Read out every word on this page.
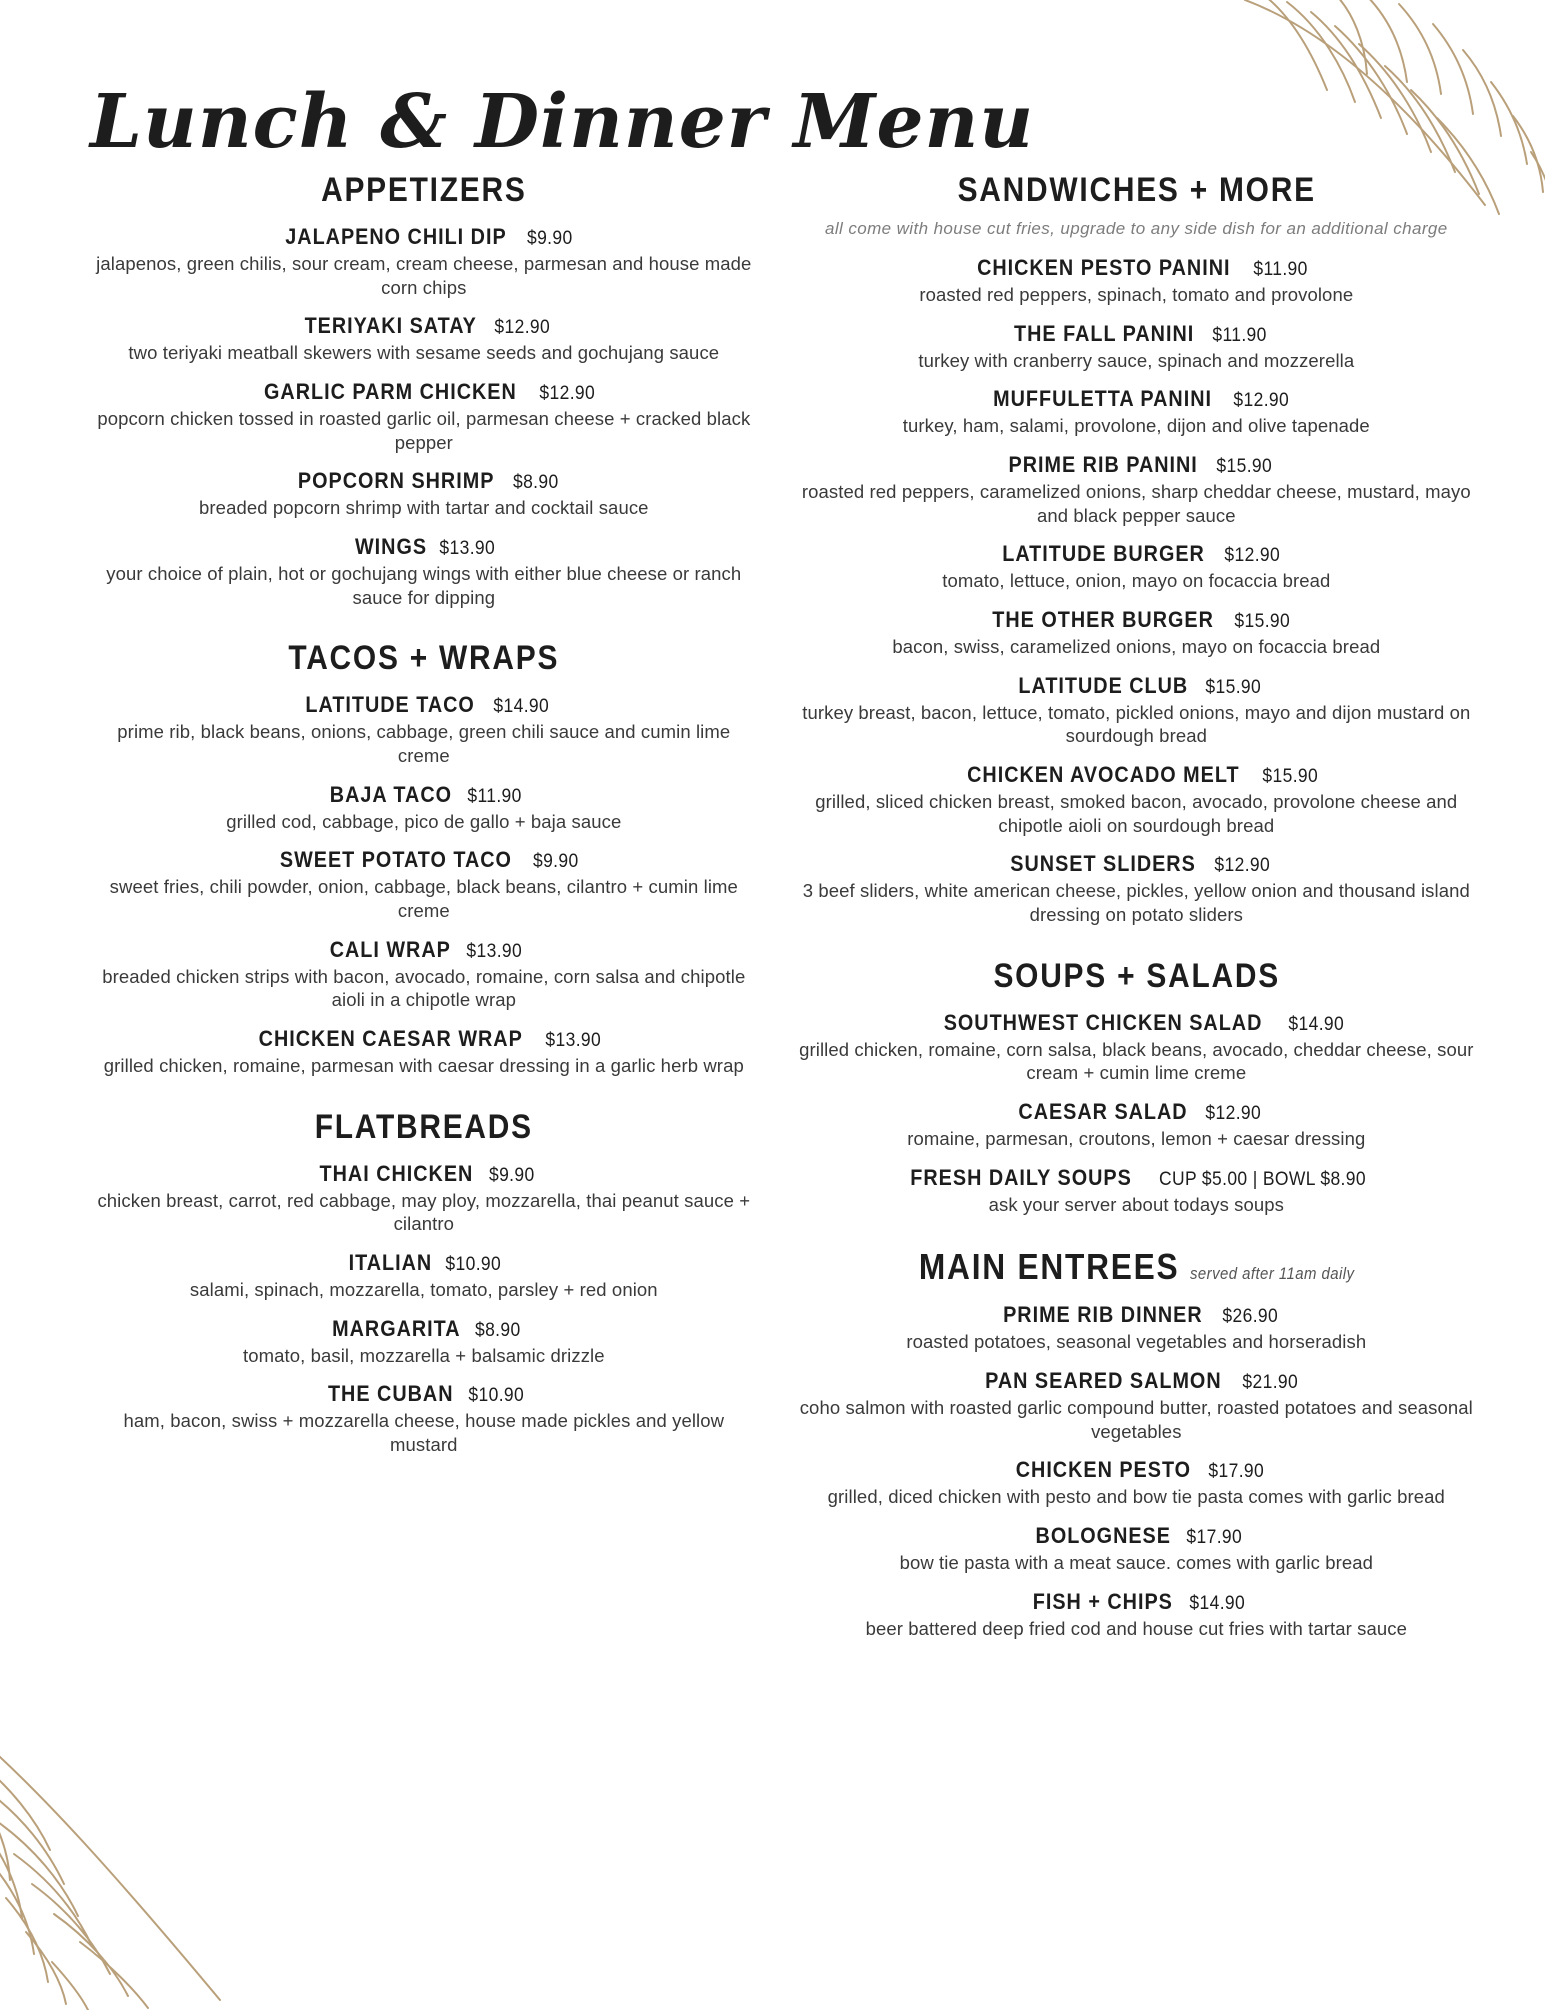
Lunch & Dinner Menu
APPETIZERS
JALAPENO CHILI DIP $9.90
jalapenos, green chilis, sour cream, cream cheese, parmesan and house made corn chips
TERIYAKI SATAY $12.90
two teriyaki meatball skewers with sesame seeds and gochujang sauce
GARLIC PARM CHICKEN $12.90
popcorn chicken tossed in roasted garlic oil, parmesan cheese + cracked black pepper
POPCORN SHRIMP $8.90
breaded popcorn shrimp with tartar and cocktail sauce
WINGS $13.90
your choice of plain, hot or gochujang wings with either blue cheese or ranch sauce for dipping
TACOS + WRAPS
LATITUDE TACO $14.90
prime rib, black beans, onions, cabbage, green chili sauce and cumin lime creme
BAJA TACO $11.90
grilled cod, cabbage, pico de gallo + baja sauce
SWEET POTATO TACO $9.90
sweet fries, chili powder, onion, cabbage, black beans, cilantro + cumin lime creme
CALI WRAP $13.90
breaded chicken strips with bacon, avocado, romaine, corn salsa and chipotle aioli in a chipotle wrap
CHICKEN CAESAR WRAP $13.90
grilled chicken, romaine, parmesan with caesar dressing in a garlic herb wrap
FLATBREADS
THAI CHICKEN $9.90
chicken breast, carrot, red cabbage, may ploy, mozzarella, thai peanut sauce + cilantro
ITALIAN $10.90
salami, spinach, mozzarella, tomato, parsley + red onion
MARGARITA $8.90
tomato, basil, mozzarella + balsamic drizzle
THE CUBAN $10.90
ham, bacon, swiss + mozzarella cheese, house made pickles and yellow mustard
SANDWICHES + MORE
all come with house cut fries, upgrade to any side dish for an additional charge
CHICKEN PESTO PANINI $11.90
roasted red peppers, spinach, tomato and provolone
THE FALL PANINI $11.90
turkey with cranberry sauce, spinach and mozzerella
MUFFULETTA PANINI $12.90
turkey, ham, salami, provolone, dijon and olive tapenade
PRIME RIB PANINI $15.90
roasted red peppers, caramelized onions, sharp cheddar cheese, mustard, mayo and black pepper sauce
LATITUDE BURGER $12.90
tomato, lettuce, onion, mayo on focaccia bread
THE OTHER BURGER $15.90
bacon, swiss, caramelized onions, mayo on focaccia bread
LATITUDE CLUB $15.90
turkey breast, bacon, lettuce, tomato, pickled onions, mayo and dijon mustard on sourdough bread
CHICKEN AVOCADO MELT $15.90
grilled, sliced chicken breast, smoked bacon, avocado, provolone cheese and chipotle aioli on sourdough bread
SUNSET SLIDERS $12.90
3 beef sliders, white american cheese, pickles, yellow onion and thousand island dressing on potato sliders
SOUPS + SALADS
SOUTHWEST CHICKEN SALAD $14.90
grilled chicken, romaine, corn salsa, black beans, avocado, cheddar cheese, sour cream + cumin lime creme
CAESAR SALAD $12.90
romaine, parmesan, croutons, lemon + caesar dressing
FRESH DAILY SOUPS CUP $5.00 | BOWL $8.90
ask your server about todays soups
MAIN ENTREES served after 11am daily
PRIME RIB DINNER $26.90
roasted potatoes, seasonal vegetables and horseradish
PAN SEARED SALMON $21.90
coho salmon with roasted garlic compound butter, roasted potatoes and seasonal vegetables
CHICKEN PESTO $17.90
grilled, diced chicken with pesto and bow tie pasta comes with garlic bread
BOLOGNESE $17.90
bow tie pasta with a meat sauce. comes with garlic bread
FISH + CHIPS $14.90
beer battered deep fried cod and house cut fries with tartar sauce
